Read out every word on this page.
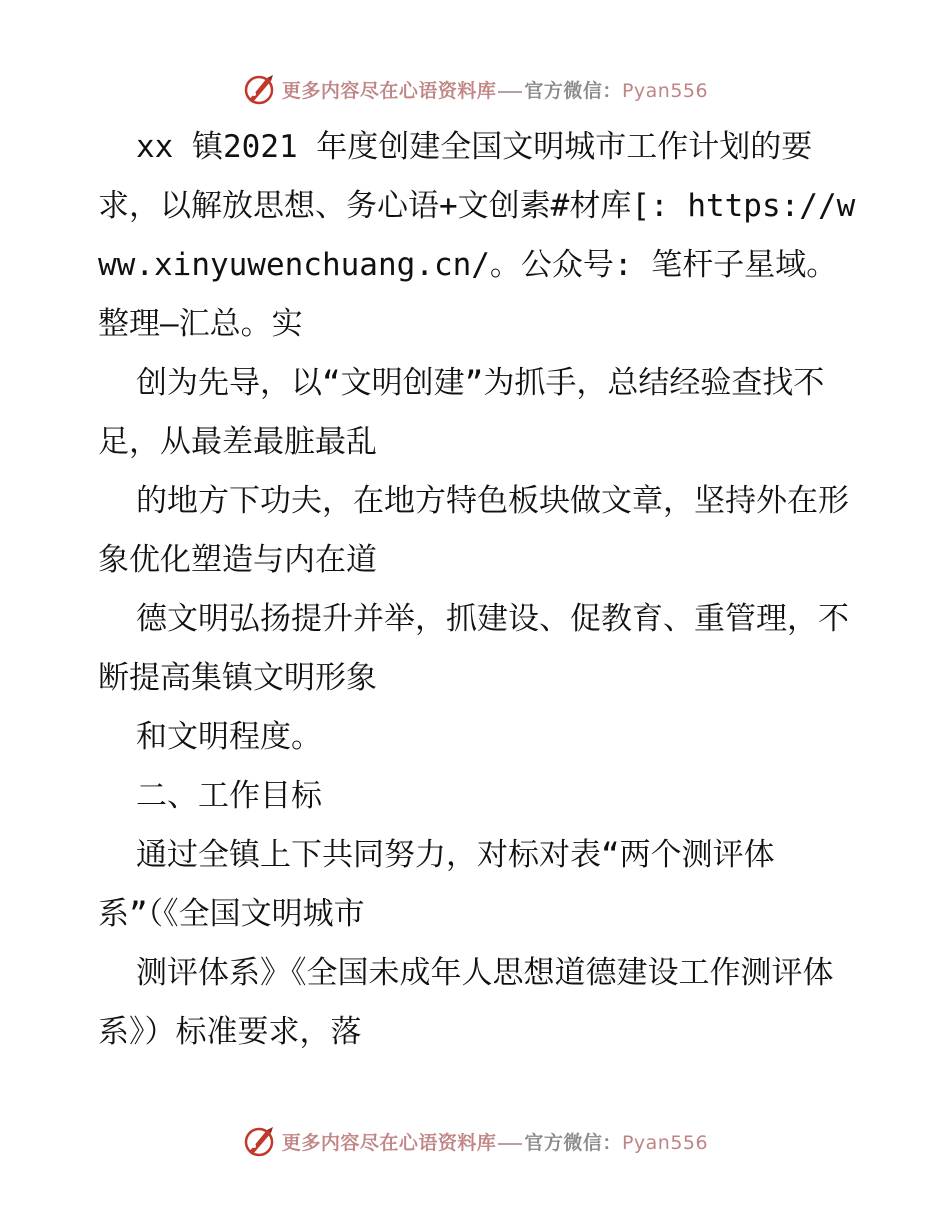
更多内容尽在心语资料库 官方微信：Pyan556

xx 镇2021 年度创建全国文明城市工作计划的要求，以解放思想、务心语+文创素#材库[: https://www.xinyuwenchuang.cn/。公众号: 笔杆子星域。整理—汇总。实

创为先导，以“文明创建”为抓手，总结经验查找不足，从最差最脏最乱

的地方下功夫，在地方特色板块做文章，坚持外在形象优化塑造与内在道

德文明弘扬提升并举，抓建设、促教育、重管理，不断提高集镇文明形象

和文明程度。

二、工作目标

通过全镇上下共同努力，对标对表“两个测评体系”（《全国文明城市

测评体系》《全国未成年人思想道德建设工作测评体系》）标准要求，落

更多内容尽在心语资料库 官方微信：Pyan556
